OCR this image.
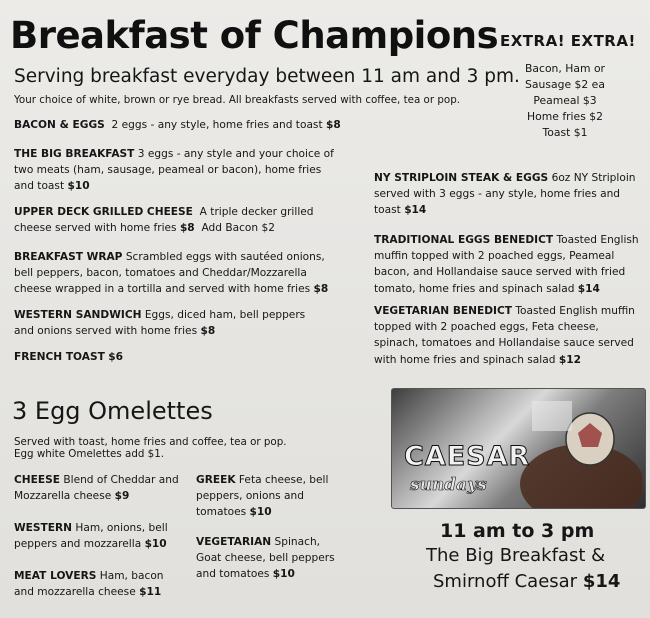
Breakfast of Champions
Serving breakfast everyday between 11 am and 3 pm.
Your choice of white, brown or rye bread. All breakfasts served with coffee, tea or pop.
BACON & EGGS 2 eggs - any style, home fries and toast $8
THE BIG BREAKFAST 3 eggs - any style and your choice of two meats (ham, sausage, peameal or bacon), home fries and toast $10
UPPER DECK GRILLED CHEESE A triple decker grilled cheese served with home fries $8 Add Bacon $2
BREAKFAST WRAP Scrambled eggs with sautéed onions, bell peppers, bacon, tomatoes and Cheddar/Mozzarella cheese wrapped in a tortilla and served with home fries $8
WESTERN SANDWICH Eggs, diced ham, bell peppers and onions served with home fries $8
FRENCH TOAST $6
EXTRA! EXTRA!
Bacon, Ham or
Sausage $2 ea
Peameal $3
Home fries $2
Toast $1
NY STRIPLOIN STEAK & EGGS 6oz NY Striploin served with 3 eggs - any style, home fries and toast $14
TRADITIONAL EGGS BENEDICT Toasted English muffin topped with 2 poached eggs, Peameal bacon, and Hollandaise sauce served with fried tomato, home fries and spinach salad $14
VEGETARIAN BENEDICT Toasted English muffin topped with 2 poached eggs, Feta cheese, spinach, tomatoes and Hollandaise sauce served with home fries and spinach salad $12
3 Egg Omelettes
Served with toast, home fries and coffee, tea or pop.
Egg white Omelettes add $1.
CHEESE Blend of Cheddar and Mozzarella cheese $9
GREEK Feta cheese, bell peppers, onions and tomatoes $10
WESTERN Ham, onions, bell peppers and mozzarella $10	VEGETARIAN Spinach, Goat cheese, bell peppers and tomatoes $10
MEAT LOVERS Ham, bacon and mozzarella cheese $11
CAESAR
sundays
11 am to 3 pm
The Big Breakfast &
Smirnoff Caesar $14
